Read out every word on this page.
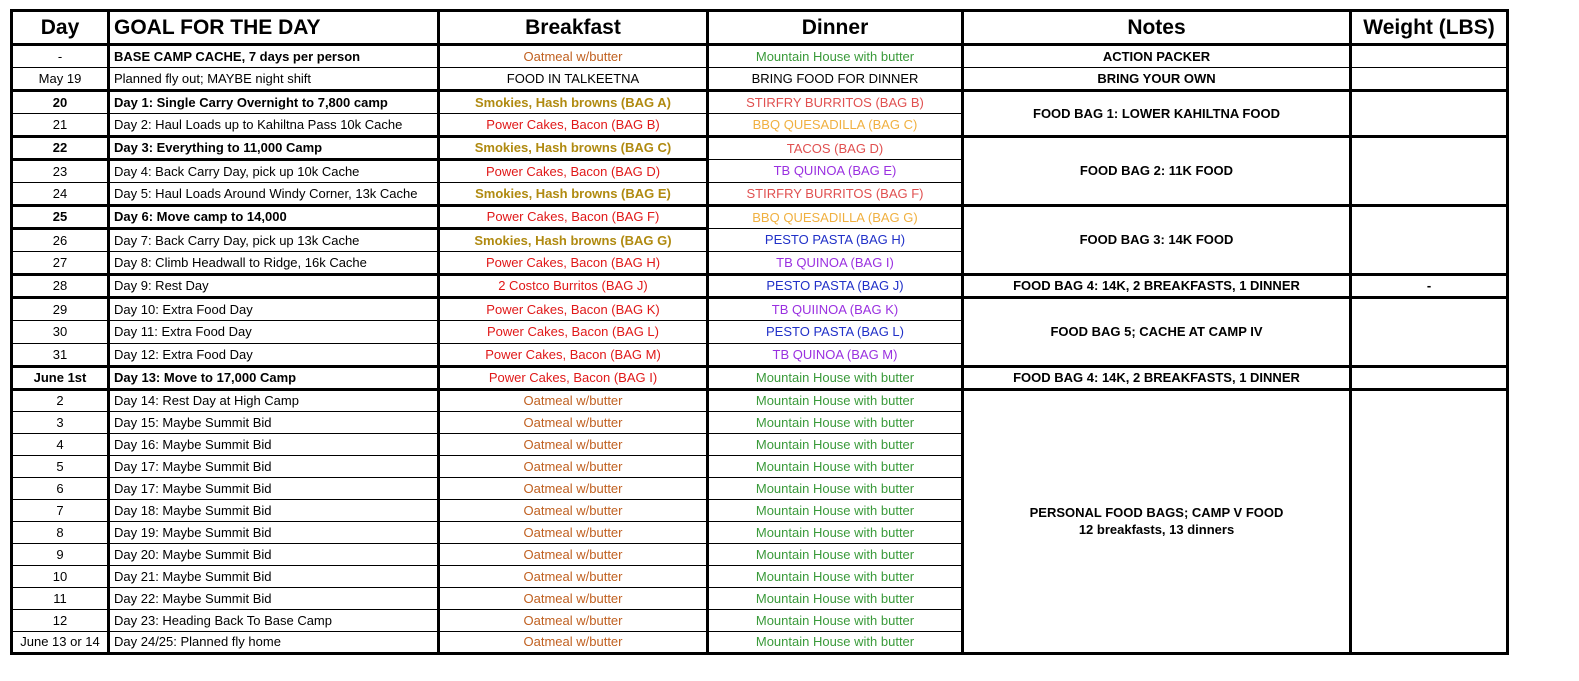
Day	GOAL FOR THE DAY	Breakfast	Dinner	Notes	Weight (LBS)
-	BASE CAMP CACHE, 7 days per person	Oatmeal w/butter	Mountain House with butter	ACTION PACKER	
May 19	Planned fly out; MAYBE night shift	FOOD IN TALKEETNA	BRING FOOD FOR DINNER	BRING YOUR OWN	
20	Day 1: Single Carry Overnight to 7,800 camp	Smokies, Hash browns (BAG A)	STIRFRY BURRITOS (BAG B)	FOOD BAG 1: LOWER KAHILTNA FOOD	
21	Day 2: Haul Loads up to Kahiltna Pass 10k Cache	Power Cakes, Bacon (BAG B)	BBQ QUESADILLA (BAG C)		
22	Day 3: Everything to 11,000 Camp	Smokies, Hash browns (BAG C)	TACOS (BAG D)	FOOD BAG 2: 11K FOOD	
23	Day 4: Back Carry Day, pick up 10k Cache	Power Cakes, Bacon (BAG D)	TB QUINOA (BAG E)		
24	Day 5: Haul Loads Around Windy Corner, 13k Cache	Smokies, Hash browns (BAG E)	STIRFRY BURRITOS (BAG F)		
25	Day 6: Move camp to 14,000	Power Cakes, Bacon (BAG F)	BBQ QUESADILLA (BAG G)	FOOD BAG 3: 14K FOOD	
26	Day 7: Back Carry Day, pick up 13k Cache	Smokies, Hash browns (BAG G)	PESTO PASTA (BAG H)		
27	Day 8: Climb Headwall to Ridge, 16k Cache	Power Cakes, Bacon (BAG H)	TB QUINOA (BAG I)		
28	Day 9: Rest Day	2 Costco Burritos (BAG J)	PESTO PASTA (BAG J)	FOOD BAG 4: 14K, 2 BREAKFASTS, 1 DINNER	-
29	Day 10: Extra Food Day	Power Cakes, Bacon (BAG K)	TB QUIINOA (BAG K)	FOOD BAG 5; CACHE AT CAMP IV	
30	Day 11: Extra Food Day	Power Cakes, Bacon (BAG L)	PESTO PASTA (BAG L)		
31	Day 12: Extra Food Day	Power Cakes, Bacon (BAG M)	TB QUINOA (BAG M)		
June 1st	Day 13: Move to 17,000 Camp	Power Cakes, Bacon (BAG I)	Mountain House with butter	FOOD BAG 4: 14K, 2 BREAKFASTS, 1 DINNER	
2	Day 14: Rest Day at High Camp	Oatmeal w/butter	Mountain House with butter	PERSONAL FOOD BAGS; CAMP V FOOD
12 breakfasts, 13 dinners	

3	Day 15: Maybe Summit Bid	Oatmeal w/butter	Mountain House with butter		
4	Day 16: Maybe Summit Bid	Oatmeal w/butter	Mountain House with butter		
5	Day 17: Maybe Summit Bid	Oatmeal w/butter	Mountain House with butter		
6	Day 17: Maybe Summit Bid	Oatmeal w/butter	Mountain House with butter		
7	Day 18: Maybe Summit Bid	Oatmeal w/butter	Mountain House with butter		
8	Day 19: Maybe Summit Bid	Oatmeal w/butter	Mountain House with butter		
9	Day 20: Maybe Summit Bid	Oatmeal w/butter	Mountain House with butter		
10	Day 21: Maybe Summit Bid	Oatmeal w/butter	Mountain House with butter		
11	Day 22: Maybe Summit Bid	Oatmeal w/butter	Mountain House with butter		
12	Day 23: Heading Back To Base Camp	Oatmeal w/butter	Mountain House with butter		
June 13 or 14	Day 24/25: Planned fly home	Oatmeal w/butter	Mountain House with butter		
